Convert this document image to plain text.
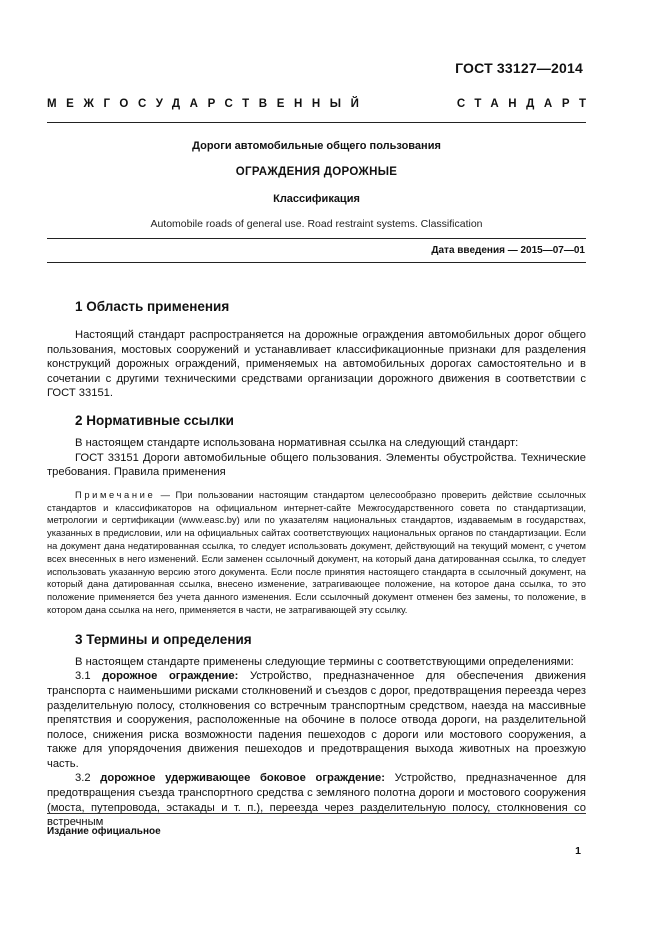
ГОСТ 33127—2014
МЕЖГОСУДАРСТВЕННЫЙ	СТАНДАРТ
Дороги автомобильные общего пользования
ОГРАЖДЕНИЯ ДОРОЖНЫЕ
Классификация
Automobile roads of general use. Road restraint systems. Classification
Дата введения — 2015—07—01
1 Область применения

Настоящий стандарт распространяется на дорожные ограждения автомобильных дорог общего пользования, мостовых сооружений и устанавливает классификационные признаки для разделения конструкций дорожных ограждений, применяемых на автомобильных дорогах самостоятельно и в сочетании с другими техническими средствами организации дорожного движения в соответствии с ГОСТ 33151.

2 Нормативные ссылки

В настоящем стандарте использована нормативная ссылка на следующий стандарт:

ГОСТ 33151 Дороги автомобильные общего пользования. Элементы обустройства. Технические требования. Правила применения

Примечание — При пользовании настоящим стандартом целесообразно проверить действие ссылочных стандартов и классификаторов на официальном интернет-сайте Межгосударственного совета по стандартизации, метрологии и сертификации (www.easc.by) или по указателям национальных стандартов, издаваемым в государствах, указанных в предисловии, или на официальных сайтах соответствующих национальных органов по стандартизации. Если на документ дана недатированная ссылка, то следует использовать документ, действующий на текущий момент, с учетом всех внесенных в него изменений. Если заменен ссылочный документ, на который дана датированная ссылка, то следует использовать указанную версию этого документа. Если после принятия настоящего стандарта в ссылочный документ, на который дана датированная ссылка, внесено изменение, затрагивающее положение, на которое дана ссылка, то это положение применяется без учета данного изменения. Если ссылочный документ отменен без замены, то положение, в котором дана ссылка на него, применяется в части, не затрагивающей эту ссылку.

3 Термины и определения

В настоящем стандарте применены следующие термины с соответствующими определениями:

3.1 дорожное ограждение: Устройство, предназначенное для обеспечения движения транспорта с наименьшими рисками столкновений и съездов с дорог, предотвращения переезда через разделительную полосу, столкновения со встречным транспортным средством, наезда на массивные препятствия и сооружения, расположенные на обочине в полосе отвода дороги, на разделительной полосе, снижения риска возможности падения пешеходов с дороги или мостового сооружения, а также для упорядочения движения пешеходов и предотвращения выхода животных на проезжую часть.

3.2 дорожное удерживающее боковое ограждение: Устройство, предназначенное для предотвращения съезда транспортного средства с земляного полотна дороги и мостового сооружения (моста, путепровода, эстакады и т. п.), переезда через разделительную полосу, столкновения со встречным

Издание официальное
1
